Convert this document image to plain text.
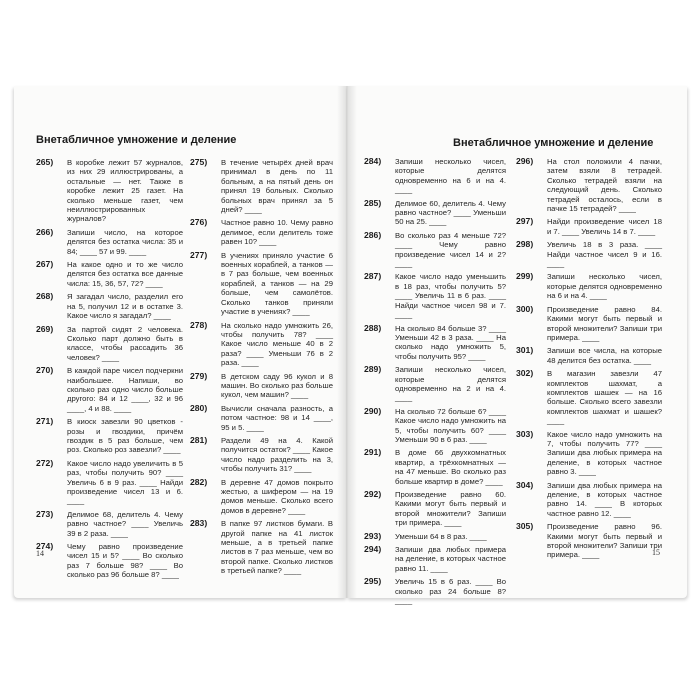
Внетабличное умножение и деление	Внетабличное умножение и деление
265)	В коробке лежит 57 журналов, из них 29 иллюстрированы, а остальные — нет. Также в коробке лежит 25 газет. На сколько меньше газет, чем неиллюстрированных журналов?
266)	Запиши число, на которое делятся без остатка числа: 35 и 84; ____ 57 и 99. ____
267)	На какое одно и то же число делятся без остатка все данные числа: 15, 36, 57, 72? ____
268)	Я загадал число, разделил его на 5, получил 12 и в остатке 3. Какое число я загадал? ____
269)	За партой сидят 2 человека. Сколько парт должно быть в классе, чтобы рассадить 36 человек? ____
270)	В каждой паре чисел подчеркни наибольшее. Напиши, во сколько раз одно число больше другого: 84 и 12 ____, 32 и 96 ____, 4 и 88. ____
271)	В киоск завезли 90 цветков - розы и гвоздики, причём гвоздик в 5 раз больше, чем роз. Сколько роз завезли? ____
272)	Какое число надо увеличить в 5 раз, чтобы получить 90? ____ Увеличь 6 в 9 раз. ____ Найди произведение чисел 13 и 6. ____
273)	Делимое 68, делитель 4. Чему равно частное? ____ Увеличь 39 в 2 раза. ____
274)	Чему равно произведение чисел 15 и 5? ____ Во сколько раз 7 больше 98? ____ Во сколько раз 96 больше 8? ____
275)	В течение четырёх дней врач принимал в день по 11 больным, а на пятый день он принял 19 больных. Сколько больных врач принял за 5 дней? ____
276)	Частное равно 10. Чему равно делимое, если делитель тоже равен 10? ____
277)	В учениях приняло участие 6 военных кораблей, а танков — в 7 раз больше, чем военных кораблей, а танков — на 29 больше, чем самолётов. Сколько танков приняли участие в учениях? ____
278)	На сколько надо умножить 26, чтобы получить 78? ____ Какое число меньше 40 в 2 раза? ____ Уменьши 76 в 2 раза. ____
279)	В детском саду 96 кукол и 8 машин. Во сколько раз больше кукол, чем машин? ____
280)	Вычисли сначала разность, а потом частное: 98 и 14 ____, 95 и 5. ____
281)	Раздели 49 на 4. Какой получится остаток? ____ Какое число надо разделить на 3, чтобы получить 31? ____
282)	В деревне 47 домов покрыто жестью, а шифером — на 19 домов меньше. Сколько всего домов в деревне? ____
283)	В папке 97 листков бумаги. В другой папке на 41 листок меньше, а в третьей папке листов в 7 раз меньше, чем во второй папке. Сколько листков в третьей папке? ____
284)	Запиши несколько чисел, которые делятся одновременно на 6 и на 4. ____
285)	Делимое 60, делитель 4. Чему равно частное? ____ Уменьши 50 на 25. ____
286)	Во сколько раз 4 меньше 72? ____ Чему равно произведение чисел 14 и 2? ____
287)	Какое число надо уменьшить в 18 раз, чтобы получить 5? ____ Увеличь 11 в 6 раз. ____ Найди частное чисел 98 и 7. ____
288)	На сколько 84 больше 3? ____ Уменьши 42 в 3 раза. ____ На сколько надо умножить 5, чтобы получить 95? ____
289)	Запиши несколько чисел, которые делятся одновременно на 2 и на 4. ____
290)	На сколько 72 больше 6? ____ Какое число надо умножить на 5, чтобы получить 60? ____ Уменьши 90 в 6 раз. ____
291)	В доме 66 двухкомнатных квартир, а трёхкомнатных — на 47 меньше. Во сколько раз больше квартир в доме? ____
292)	Произведение равно 60. Какими могут быть первый и второй множители? Запиши три примера. ____
293)	Уменьши 64 в 8 раз. ____
294)	Запиши два любых примера на деление, в которых частное равно 11. ____
295)	Увеличь 15 в 6 раз. ____ Во сколько раз 24 больше 8? ____
296)	На стол положили 4 пачки, затем взяли 8 тетрадей. Сколько тетрадей взяли на следующий день. Сколько тетрадей осталось, если в пачке 15 тетрадей? ____
297)	Найди произведение чисел 18 и 7. ____ Увеличь 14 в 7. ____
298)	Увеличь 18 в 3 раза. ____ Найди частное чисел 9 и 16. ____
299)	Запиши несколько чисел, которые делятся одновременно на 6 и на 4. ____
300)	Произведение равно 84. Какими могут быть первый и второй множители? Запиши три примера. ____
301)	Запиши все числа, на которые 48 делится без остатка. ____
302)	В магазин завезли 47 комплектов шахмат, а комплектов шашек — на 16 больше. Сколько всего завезли комплектов шахмат и шашек? ____
303)	Какое число надо умножить на 7, чтобы получить 77? ____ Запиши два любых примера на деление, в которых частное равно 3. ____
304)	Запиши два любых примера на деление, в которых частное равно 14. ____ В которых частное равно 12. ____
305)	Произведение равно 96. Какими могут быть первый и второй множители? Запиши три примера. ____
14	15
